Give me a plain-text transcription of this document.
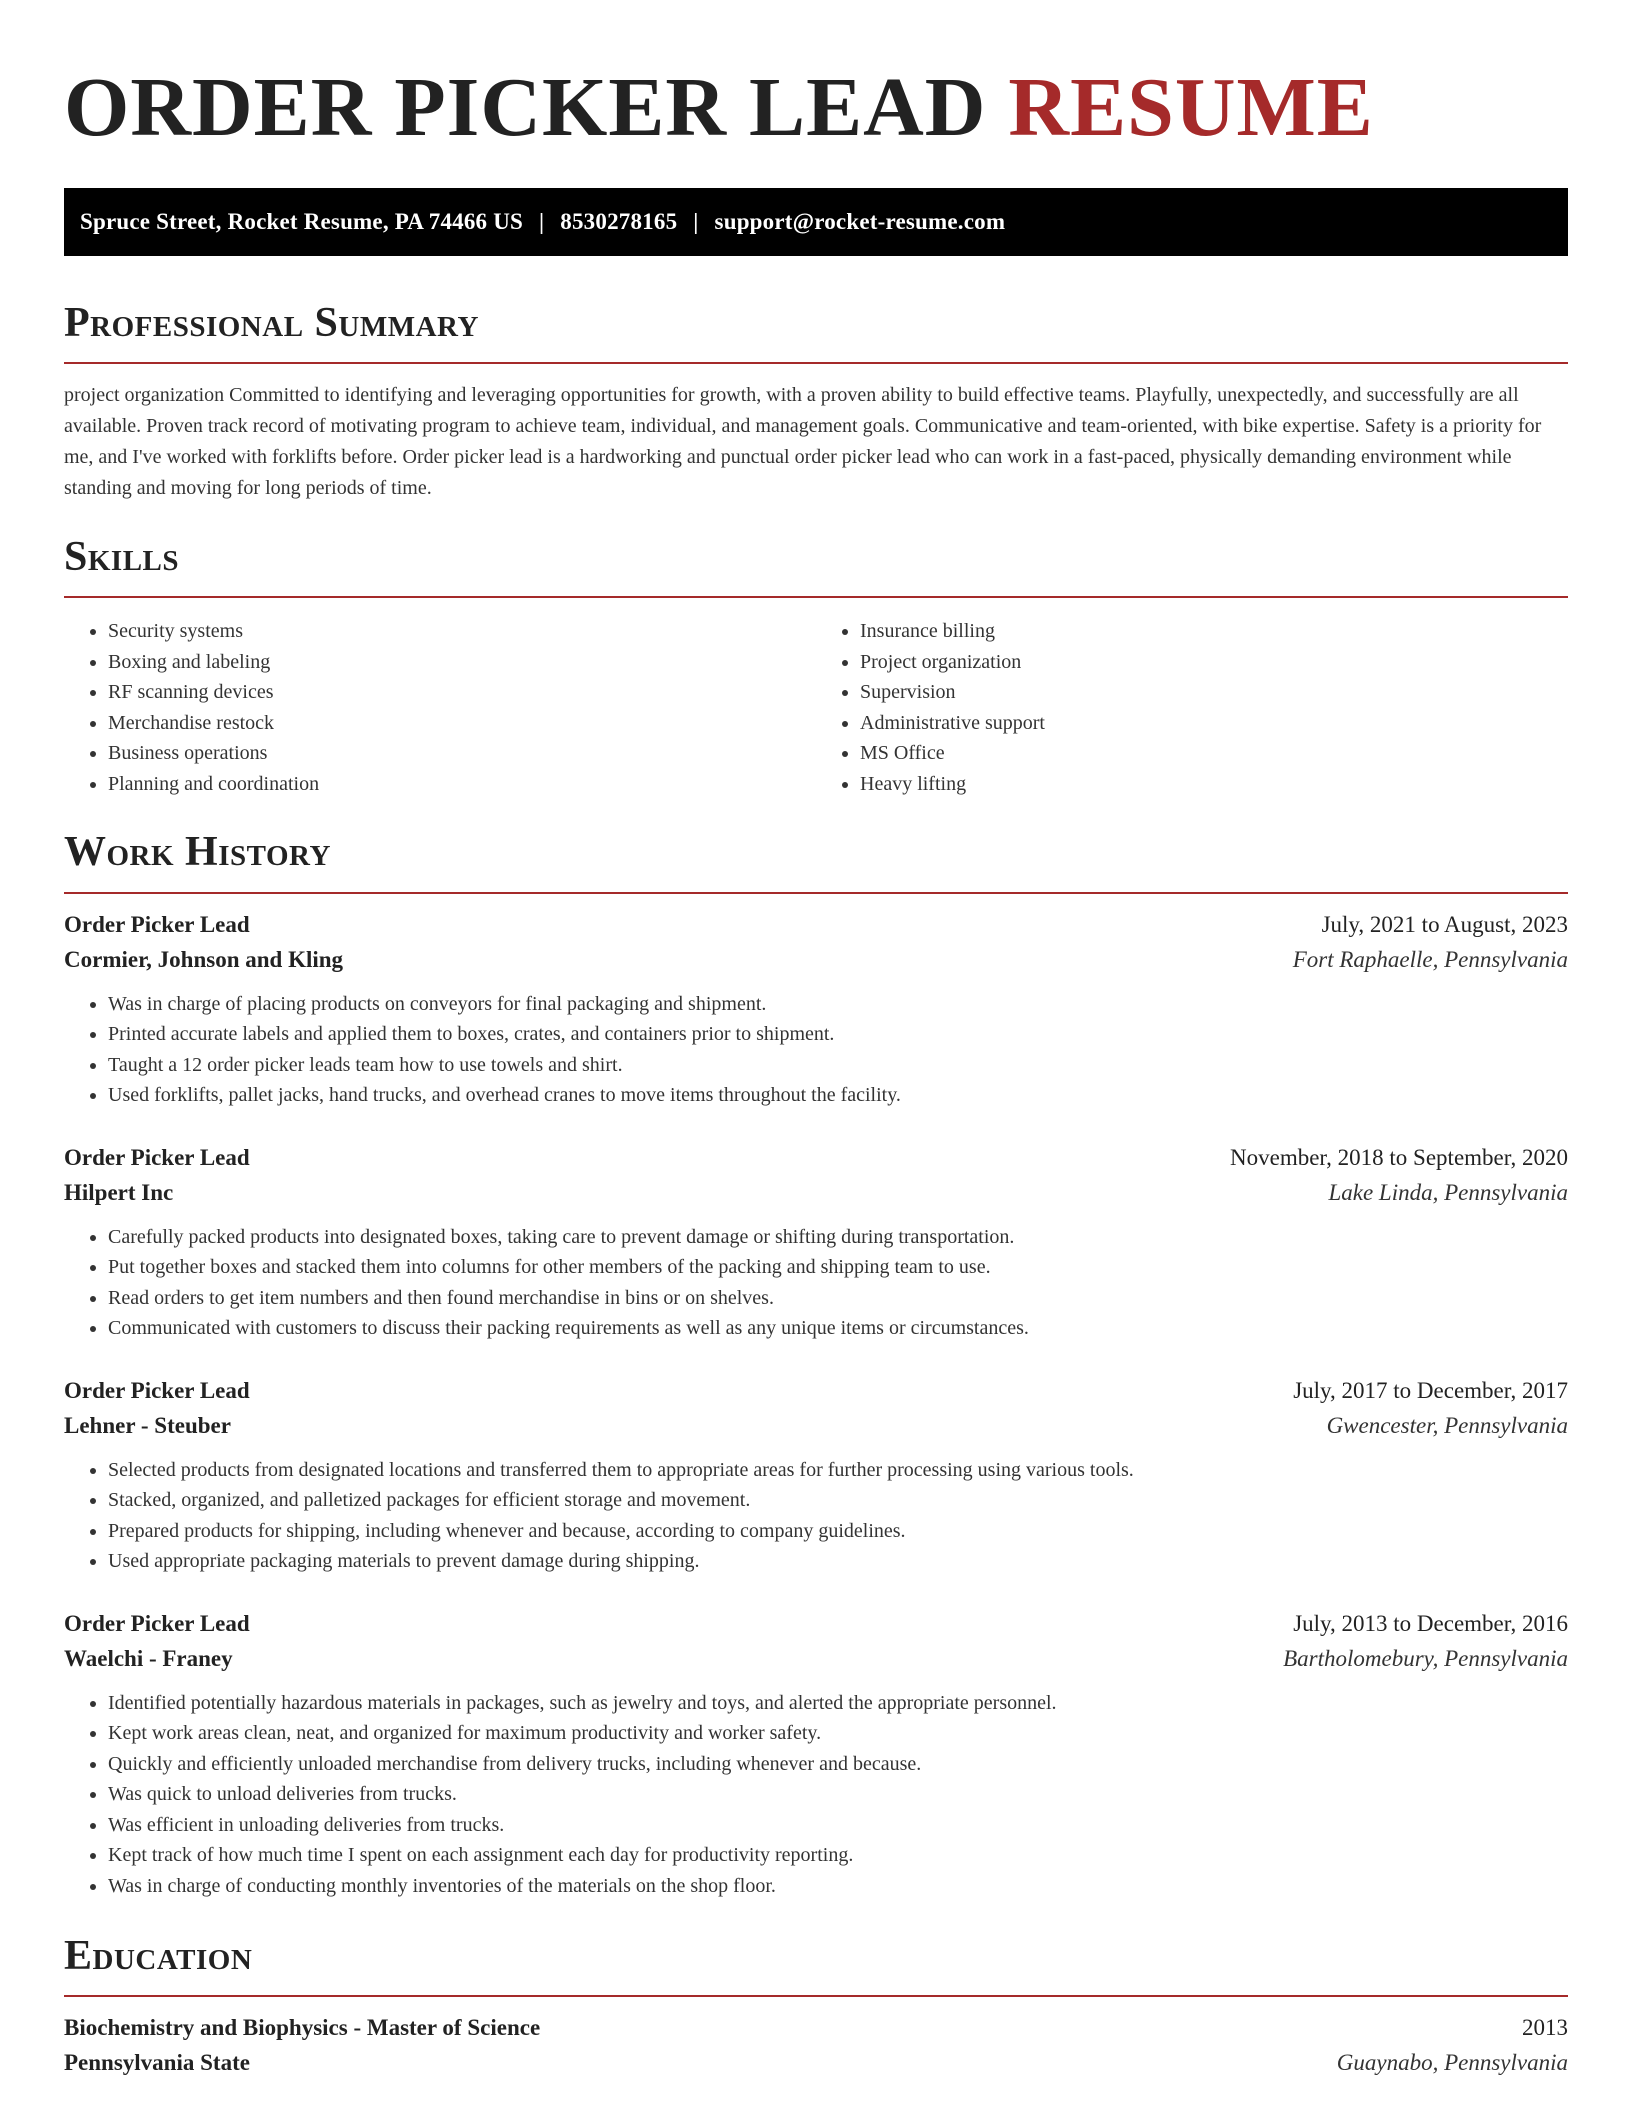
ORDER PICKER LEAD RESUME
Spruce Street, Rocket Resume, PA 74466 US | 8530278165 | support@rocket-resume.com
Professional Summary

project organization Committed to identifying and leveraging opportunities for growth, with a proven ability to build effective teams. Playfully, unexpectedly, and successfully are all available. Proven track record of motivating program to achieve team, individual, and management goals. Communicative and team-oriented, with bike expertise. Safety is a priority for me, and I've worked with forklifts before. Order picker lead is a hardworking and punctual order picker lead who can work in a fast-paced, physically demanding environment while standing and moving for long periods of time.

Skills
• Security systems
• Boxing and labeling
• RF scanning devices
• Merchandise restock
• Business operations
• Planning and coordination
• Insurance billing
• Project organization
• Supervision
• Administrative support
• MS Office
• Heavy lifting
Work History
Order Picker Lead	July, 2021 to August, 2023
Cormier, Johnson and Kling	Fort Raphaelle, Pennsylvania
• Was in charge of placing products on conveyors for final packaging and shipment.
• Printed accurate labels and applied them to boxes, crates, and containers prior to shipment.
• Taught a 12 order picker leads team how to use towels and shirt.
• Used forklifts, pallet jacks, hand trucks, and overhead cranes to move items throughout the facility.
Order Picker Lead	November, 2018 to September, 2020
Hilpert Inc	Lake Linda, Pennsylvania
• Carefully packed products into designated boxes, taking care to prevent damage or shifting during transportation.
• Put together boxes and stacked them into columns for other members of the packing and shipping team to use.
• Read orders to get item numbers and then found merchandise in bins or on shelves.
• Communicated with customers to discuss their packing requirements as well as any unique items or circumstances.
Order Picker Lead	July, 2017 to December, 2017
Lehner - Steuber	Gwencester, Pennsylvania
• Selected products from designated locations and transferred them to appropriate areas for further processing using various tools.
• Stacked, organized, and palletized packages for efficient storage and movement.
• Prepared products for shipping, including whenever and because, according to company guidelines.
• Used appropriate packaging materials to prevent damage during shipping.
Order Picker Lead	July, 2013 to December, 2016
Waelchi - Franey	Bartholomebury, Pennsylvania
• Identified potentially hazardous materials in packages, such as jewelry and toys, and alerted the appropriate personnel.
• Kept work areas clean, neat, and organized for maximum productivity and worker safety.
• Quickly and efficiently unloaded merchandise from delivery trucks, including whenever and because.
• Was quick to unload deliveries from trucks.
• Was efficient in unloading deliveries from trucks.
• Kept track of how much time I spent on each assignment each day for productivity reporting.
• Was in charge of conducting monthly inventories of the materials on the shop floor.
Education
Biochemistry and Biophysics - Master of Science	2013
Pennsylvania State	Guaynabo, Pennsylvania
